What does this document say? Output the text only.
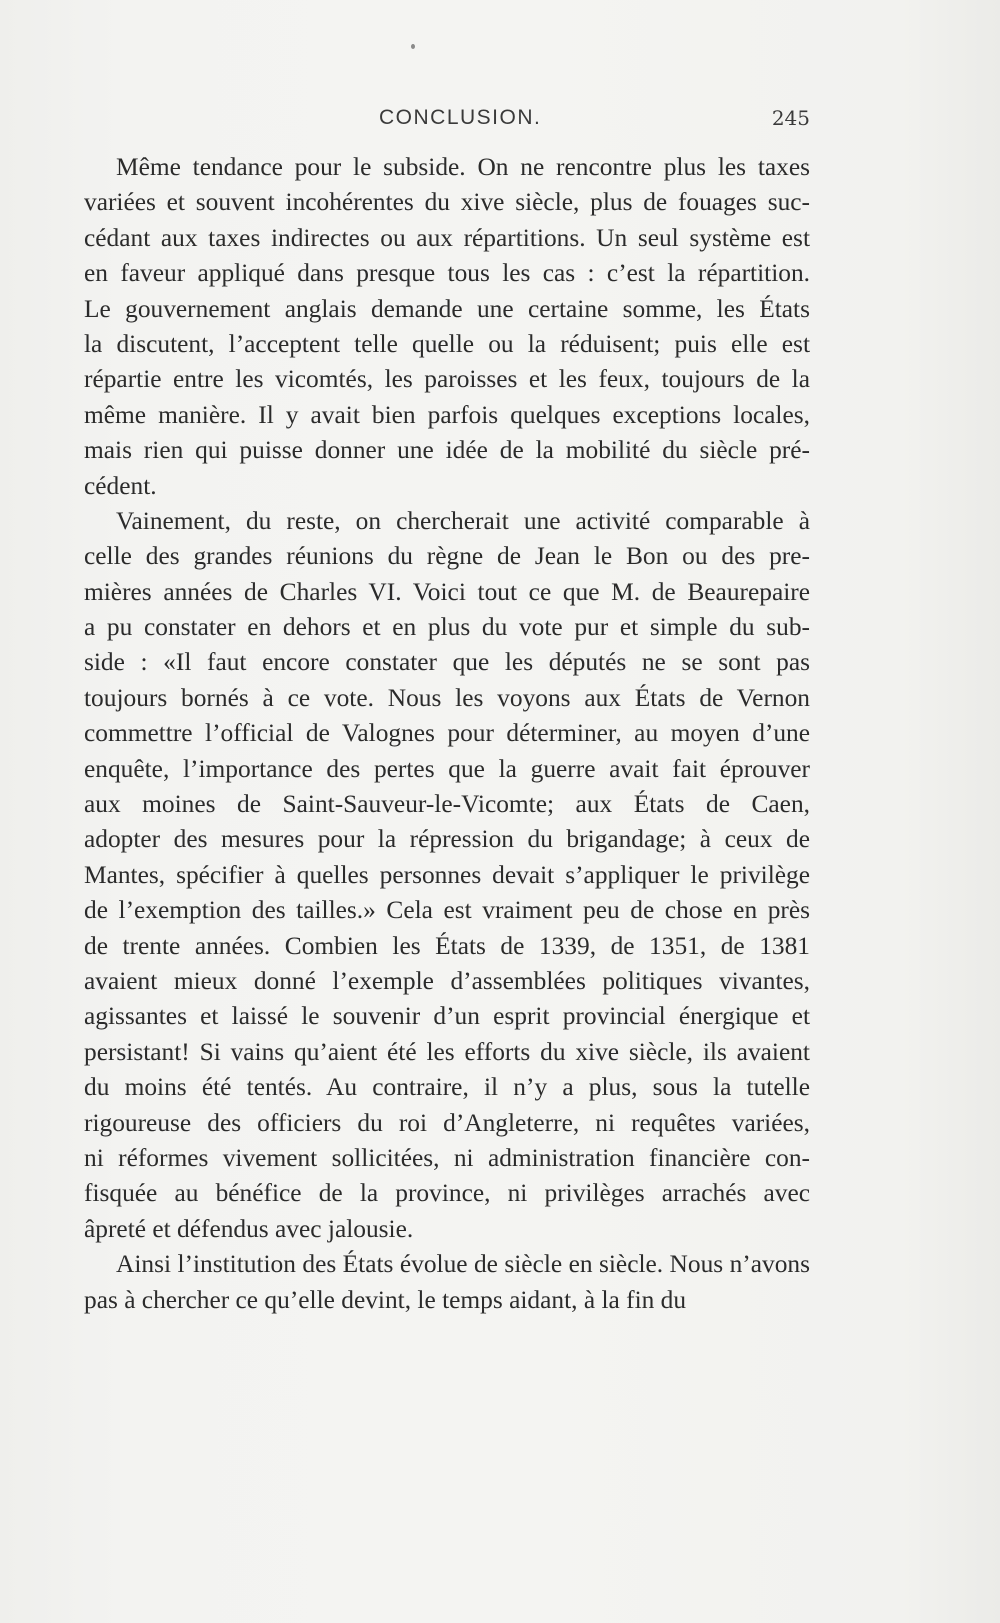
CONCLUSION.	245
Même tendance pour le subside. On ne rencontre plus les taxes
variées et souvent incohérentes du xive siècle, plus de fouages suc-
cédant aux taxes indirectes ou aux répartitions. Un seul système est
en faveur appliqué dans presque tous les cas : c’est la répartition.
Le gouvernement anglais demande une certaine somme, les États
la discutent, l’acceptent telle quelle ou la réduisent; puis elle est
répartie entre les vicomtés, les paroisses et les feux, toujours de la
même manière. Il y avait bien parfois quelques exceptions locales,
mais rien qui puisse donner une idée de la mobilité du siècle pré-
cédent.
Vainement, du reste, on chercherait une activité comparable à
celle des grandes réunions du règne de Jean le Bon ou des pre-
mières années de Charles VI. Voici tout ce que M. de Beaurepaire
a pu constater en dehors et en plus du vote pur et simple du sub-
side : «Il faut encore constater que les députés ne se sont pas
toujours bornés à ce vote. Nous les voyons aux États de Vernon
commettre l’official de Valognes pour déterminer, au moyen d’une
enquête, l’importance des pertes que la guerre avait fait éprouver
aux moines de Saint-Sauveur-le-Vicomte; aux États de Caen,
adopter des mesures pour la répression du brigandage; à ceux de
Mantes, spécifier à quelles personnes devait s’appliquer le privilège
de l’exemption des tailles.» Cela est vraiment peu de chose en près
de trente années. Combien les États de 1339, de 1351, de 1381
avaient mieux donné l’exemple d’assemblées politiques vivantes,
agissantes et laissé le souvenir d’un esprit provincial énergique et
persistant! Si vains qu’aient été les efforts du xive siècle, ils avaient
du moins été tentés. Au contraire, il n’y a plus, sous la tutelle
rigoureuse des officiers du roi d’Angleterre, ni requêtes variées,
ni réformes vivement sollicitées, ni administration financière con-
fisquée au bénéfice de la province, ni privilèges arrachés avec
âpreté et défendus avec jalousie.
Ainsi l’institution des États évolue de siècle en siècle. Nous n’avons
pas à chercher ce qu’elle devint, le temps aidant, à la fin du
